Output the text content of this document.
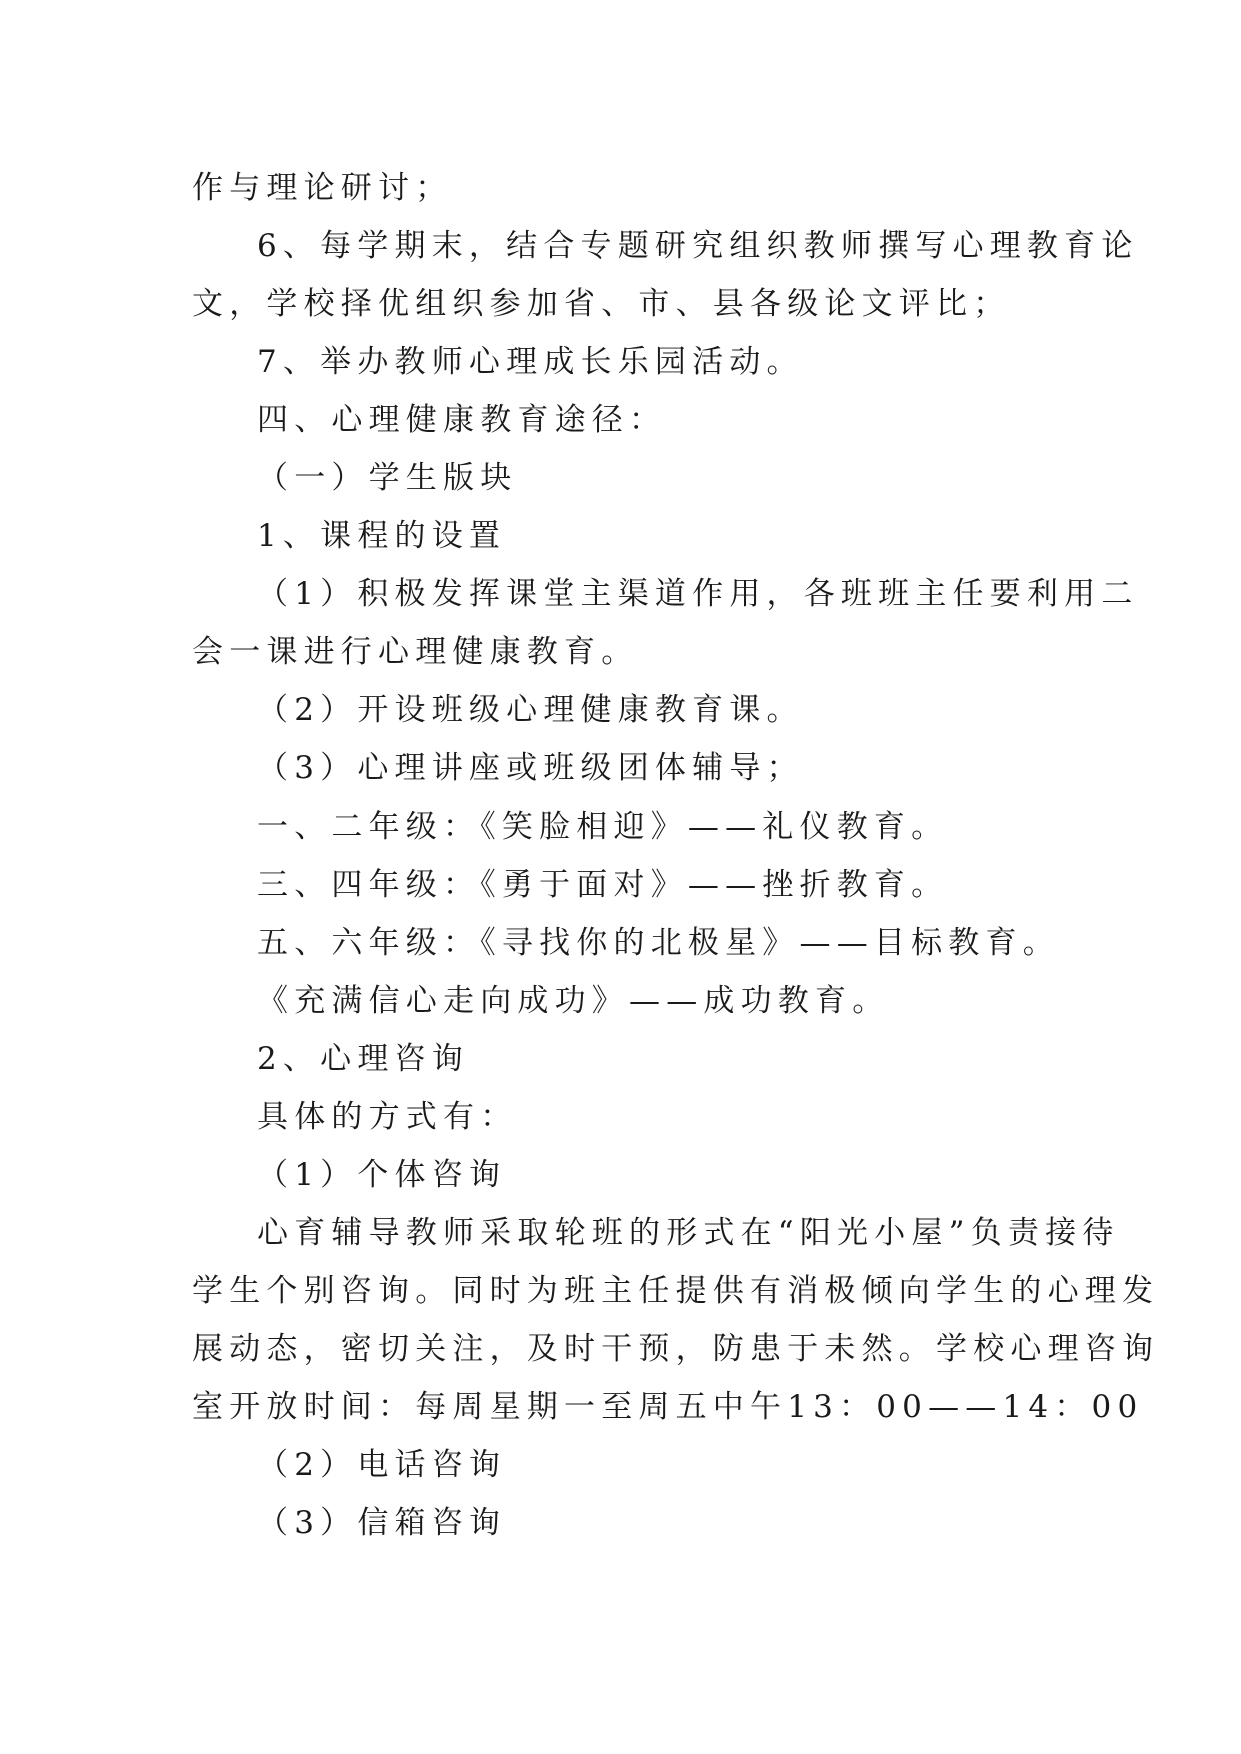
作与理论研讨；
6、每学期末，结合专题研究组织教师撰写心理教育论
文，学校择优组织参加省、市、县各级论文评比；
7、举办教师心理成长乐园活动。
四、心理健康教育途径：
（一）学生版块
1、课程的设置
（1）积极发挥课堂主渠道作用，各班班主任要利用二
会一课进行心理健康教育。
（2）开设班级心理健康教育课。
（3）心理讲座或班级团体辅导；
一、二年级：《笑脸相迎》——礼仪教育。
三、四年级：《勇于面对》——挫折教育。
五、六年级：《寻找你的北极星》——目标教育。
《充满信心走向成功》——成功教育。
2、心理咨询
具体的方式有：
（1）个体咨询
心育辅导教师采取轮班的形式在“阳光小屋”负责接待
学生个别咨询。同时为班主任提供有消极倾向学生的心理发
展动态，密切关注，及时干预，防患于未然。学校心理咨询
室开放时间：每周星期一至周五中午13：00——14：00
（2）电话咨询
（3）信箱咨询
